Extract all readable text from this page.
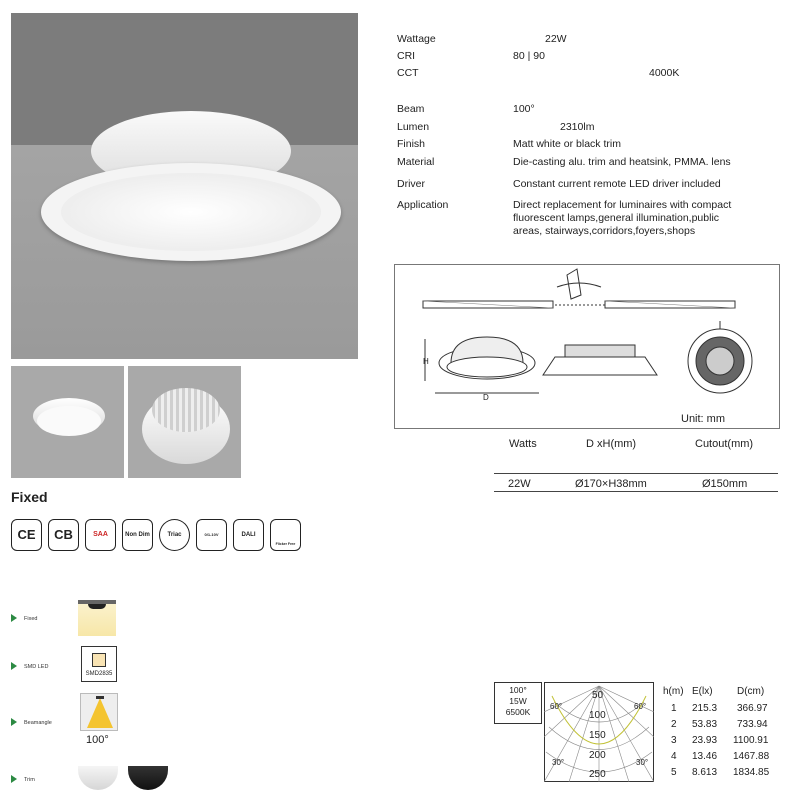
Wattage	22W
CRI	80 | 90
CCT	4000K
Beam	100°
Lumen	2310lm
Finish	Matt white or black trim
Material	Die-casting alu. trim and heatsink, PMMA. lens
Driver	Constant current remote LED driver included
Application	Direct replacement for luminaires with compact
fluorescent lamps,general illumination,public
areas, stairways,corridors,foyers,shops
H
D
Unit: mm
Watts	D xH(mm)	Cutout(mm)
22W	Ø170×H38mm	Ø150mm
Fixed
CE	CB	SAA	Non Dim	Triac	0/1-10V	DALI
Flicker Free
Fixed
SMD LED
SMD2835
Beamangle
100°
Trim
100°
15W
6500K
50
100
150
200
250
60°	60°
30°	30°
h(m) E(lx) D(cm)
1 215.3 366.97
2 53.83 733.94
3 23.93 1100.91
4 13.46 1467.88
5 8.613 1834.85
